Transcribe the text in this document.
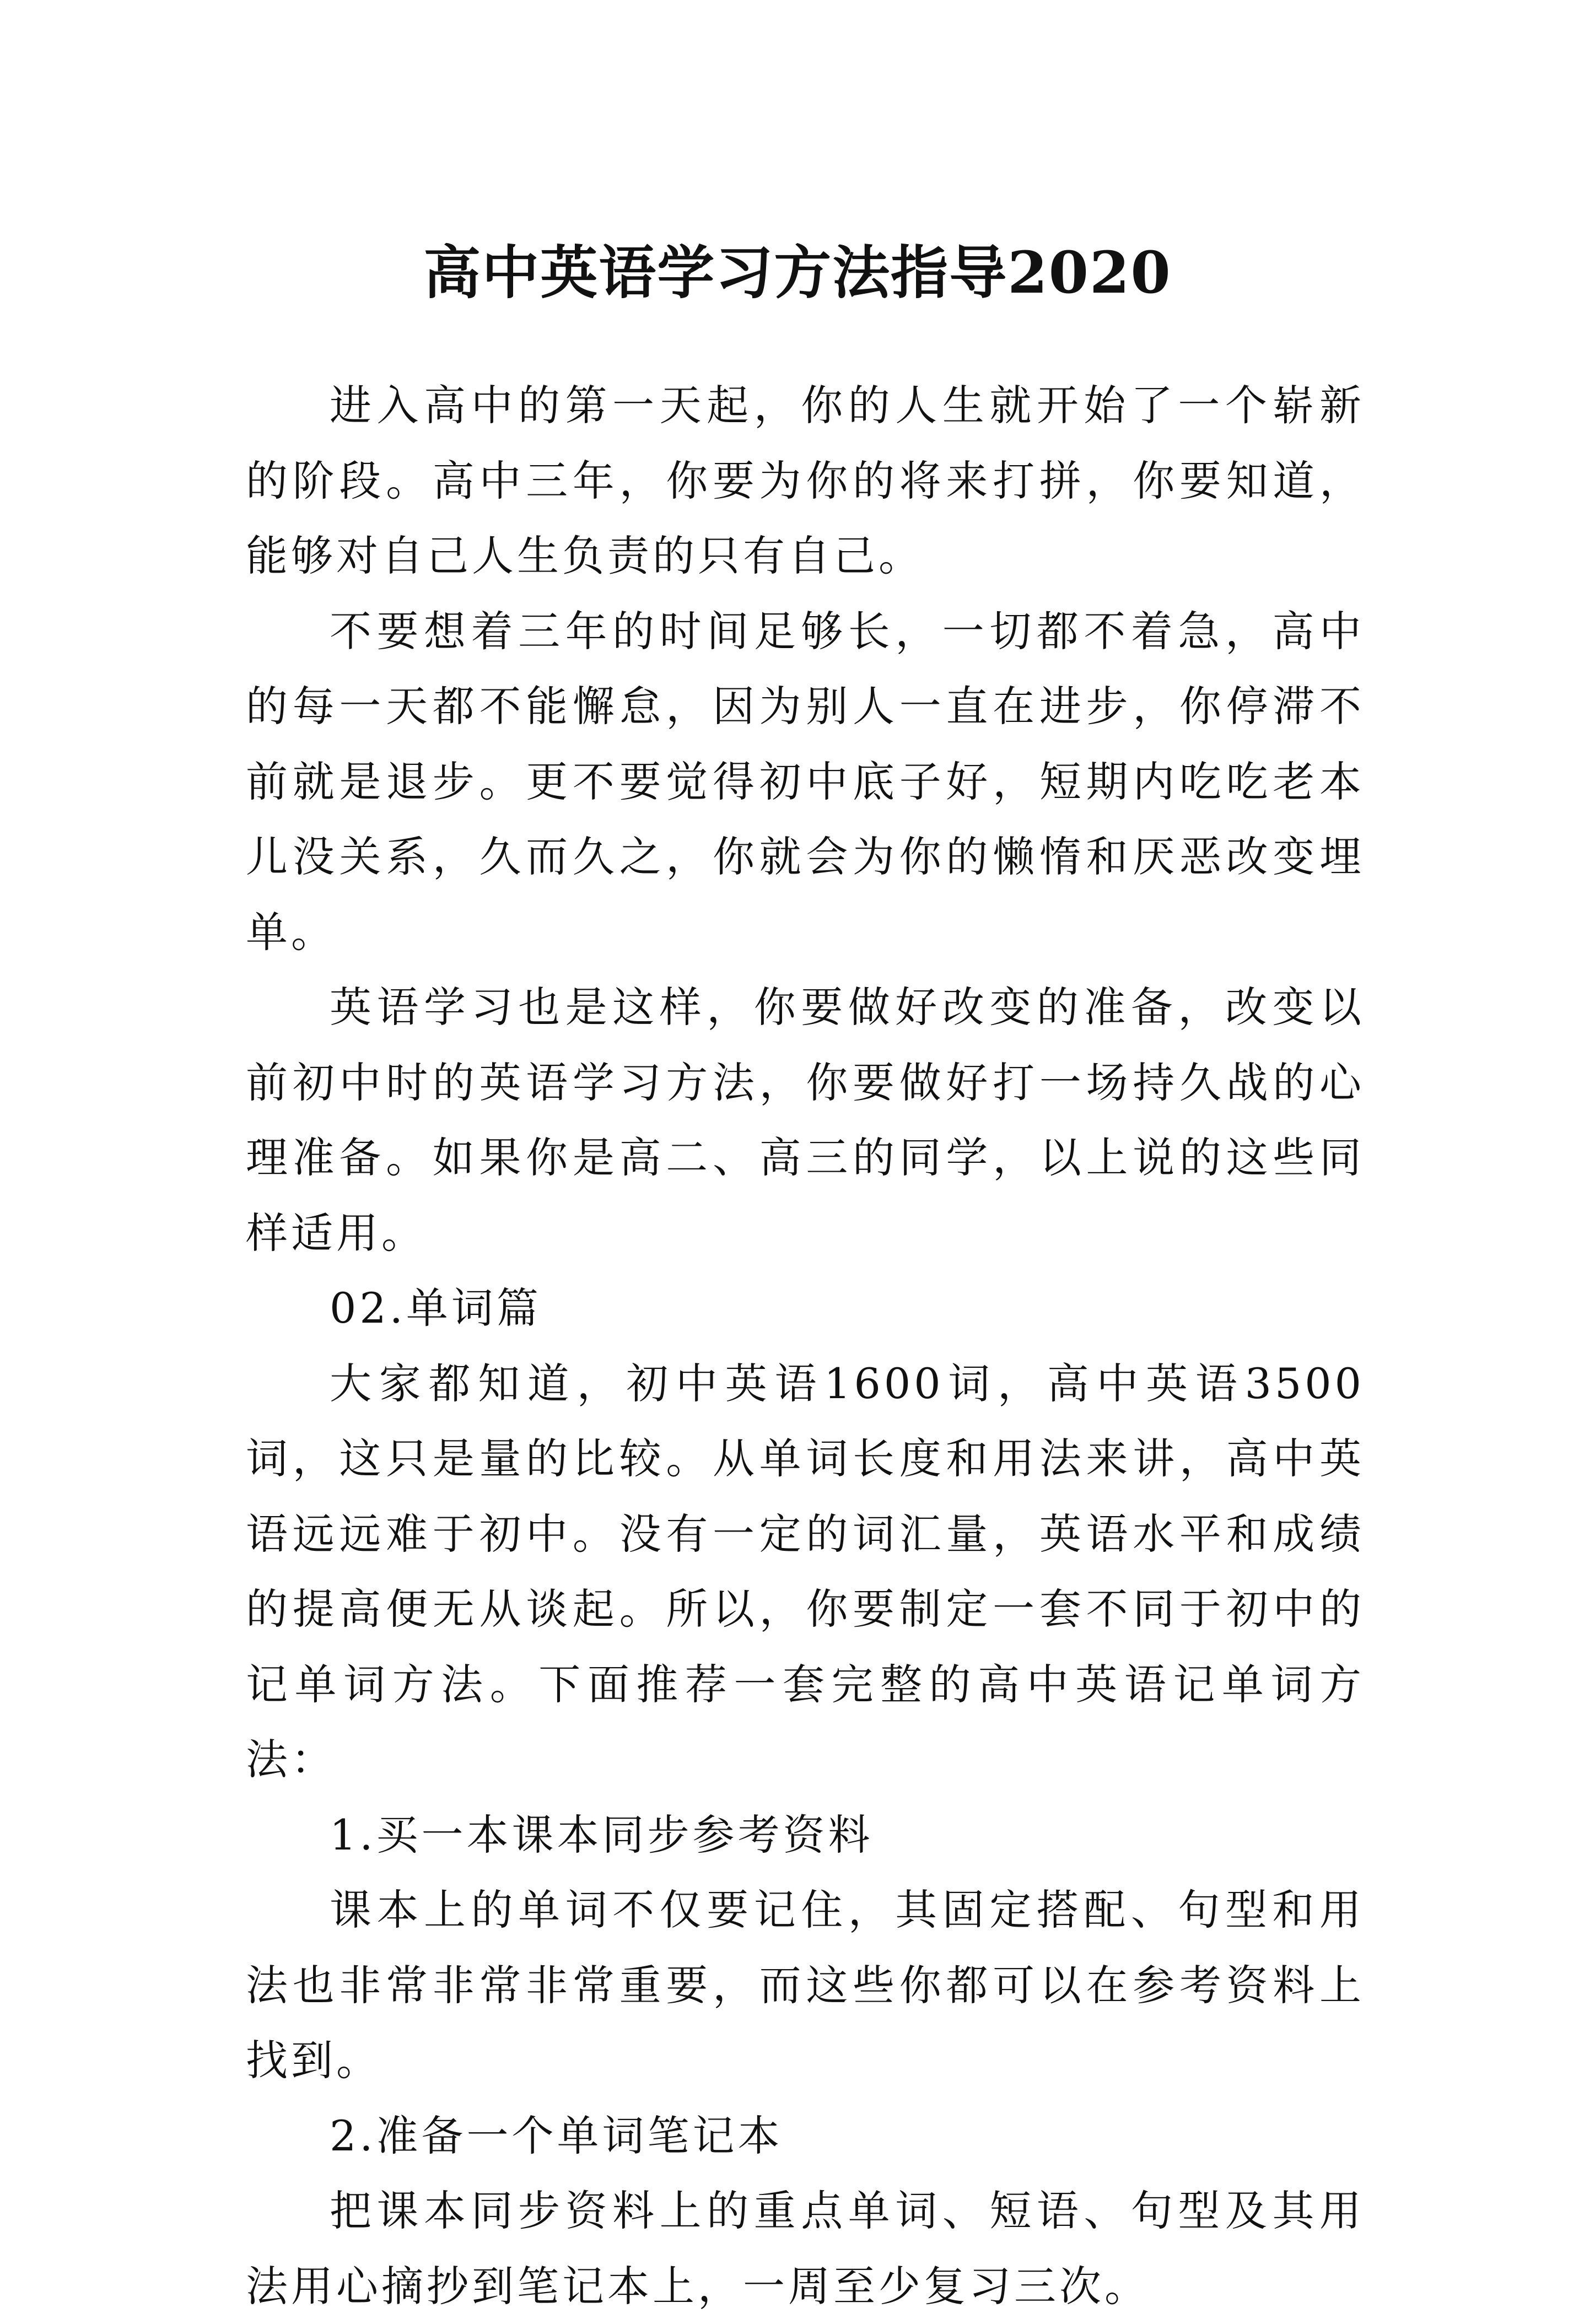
高中英语学习方法指导2020

进入高中的第一天起，你的人生就开始了一个崭新的阶段。高中三年，你要为你的将来打拼，你要知道，能够对自己人生负责的只有自己。

不要想着三年的时间足够长，一切都不着急，高中的每一天都不能懈怠，因为别人一直在进步，你停滞不前就是退步。更不要觉得初中底子好，短期内吃吃老本儿没关系，久而久之，你就会为你的懒惰和厌恶改变埋单。

英语学习也是这样，你要做好改变的准备，改变以前初中时的英语学习方法，你要做好打一场持久战的心理准备。如果你是高二、高三的同学，以上说的这些同样适用。

02.单词篇

大家都知道，初中英语1600词，高中英语3500词，这只是量的比较。从单词长度和用法来讲，高中英语远远难于初中。没有一定的词汇量，英语水平和成绩的提高便无从谈起。所以，你要制定一套不同于初中的记单词方法。下面推荐一套完整的高中英语记单词方法：

1.买一本课本同步参考资料

课本上的单词不仅要记住，其固定搭配、句型和用法也非常非常非常重要，而这些你都可以在参考资料上找到。

2.准备一个单词笔记本

把课本同步资料上的重点单词、短语、句型及其用法用心摘抄到笔记本上，一周至少复习三次。
